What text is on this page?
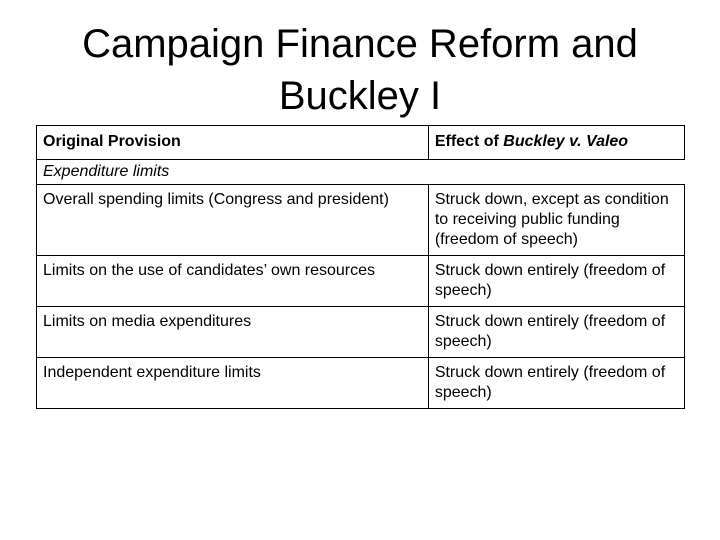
Campaign Finance Reform and
Buckley I
Original Provision	Effect of Buckley v. Valeo
Expenditure limits	
Overall spending limits (Congress and president)	Struck down, except as condition to receiving public funding (freedom of speech)
Limits on the use of candidates’ own resources	Struck down entirely (freedom of speech)
Limits on media expenditures	Struck down entirely (freedom of speech)
Independent expenditure limits	Struck down entirely (freedom of speech)
